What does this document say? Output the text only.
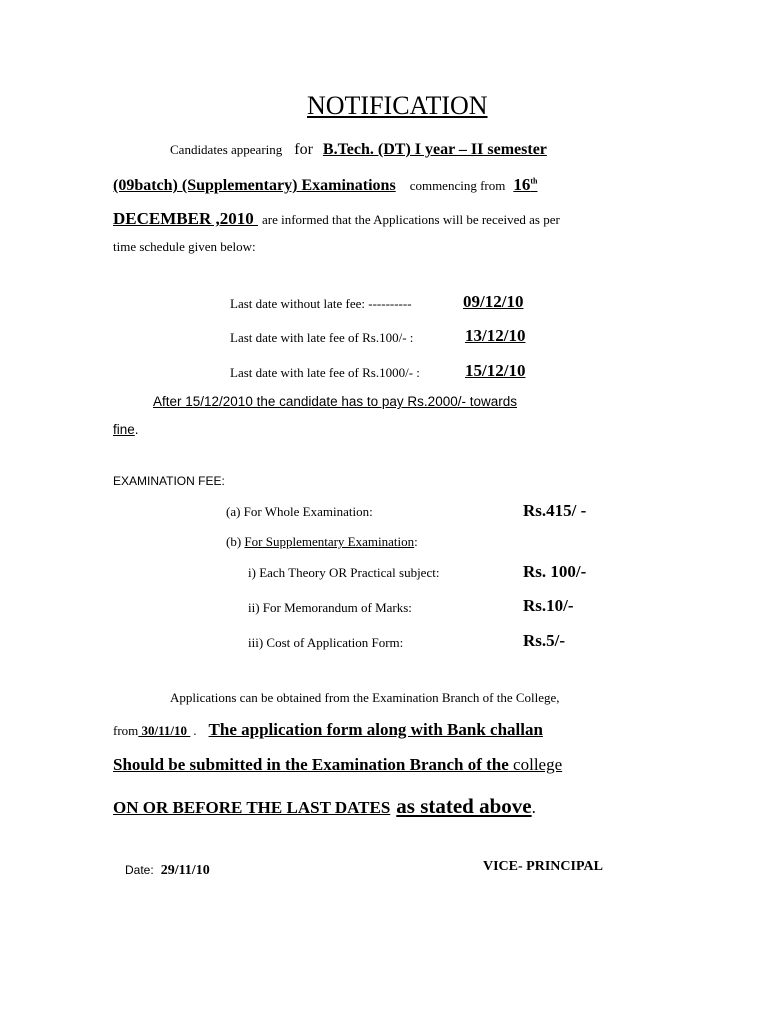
NOTIFICATION
Candidates appearing for B.Tech. (DT) I year – II semester
(09batch) (Supplementary) Examinations commencing from 16th
DECEMBER ,2010 are informed that the Applications will be received as per
time schedule given below:
Last date without late fee: ----------	09/12/10
Last date with late fee of Rs.100/- :	13/12/10
Last date with late fee of Rs.1000/- :	15/12/10
After 15/12/2010 the candidate has to pay Rs.2000/- towards
fine.
EXAMINATION FEE:
(a) For Whole Examination:	Rs.415/ -
(b) For Supplementary Examination:
i) Each Theory OR Practical subject:	Rs. 100/-
ii) For Memorandum of Marks:	Rs.10/-
iii) Cost of Application Form:	Rs.5/-
Applications can be obtained from the Examination Branch of the College,
from 30/11/10 . The application form along with Bank challan
Should be submitted in the Examination Branch of the college
ON OR BEFORE THE LAST DATES as stated above.
Date: 29/11/10	VICE- PRINCIPAL
